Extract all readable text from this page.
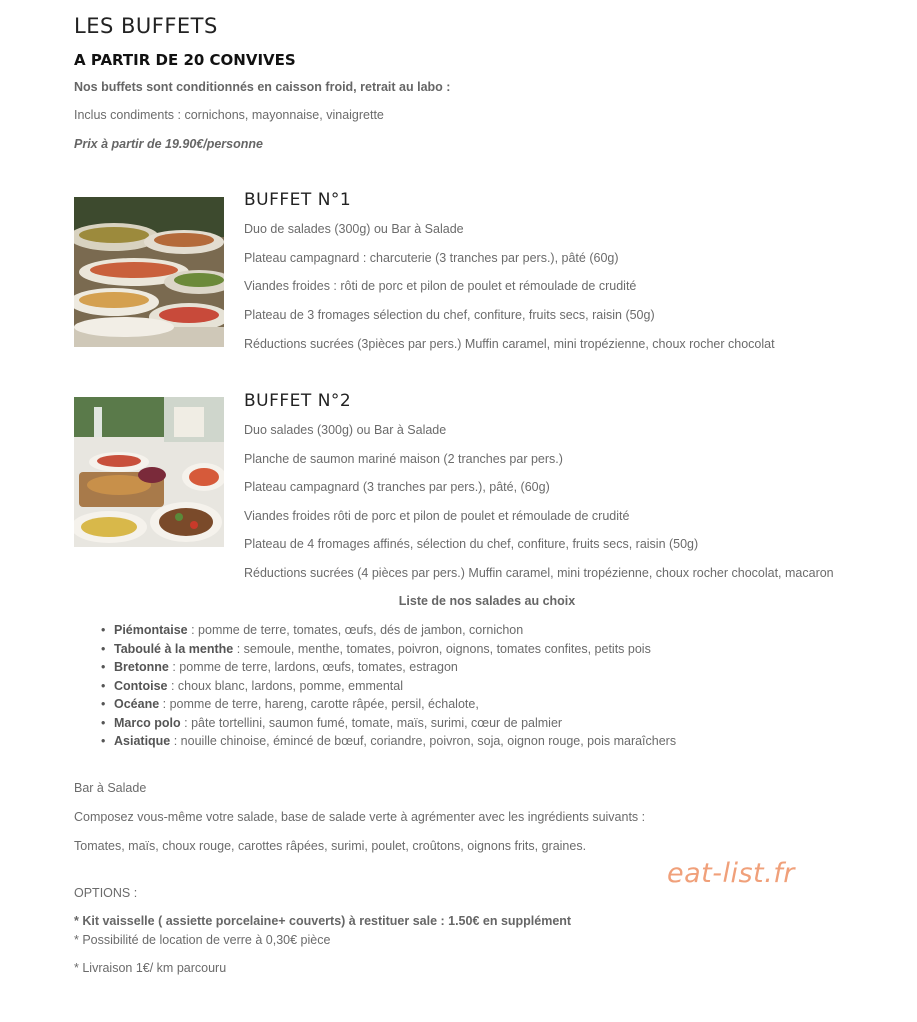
LES BUFFETS
A PARTIR DE 20 CONVIVES

Nos buffets sont conditionnés en caisson froid, retrait au labo :

Inclus condiments : cornichons, mayonnaise, vinaigrette

Prix à partir de 19.90€/personne

BUFFET N°1

Duo de salades (300g) ou Bar à Salade

Plateau campagnard : charcuterie (3 tranches par pers.), pâté (60g)

Viandes froides : rôti de porc et pilon de poulet et rémoulade de crudité

Plateau de 3 fromages sélection du chef, confiture, fruits secs, raisin (50g)

Réductions sucrées (3pièces par pers.) Muffin caramel, mini tropézienne, choux rocher chocolat

BUFFET N°2

Duo salades (300g) ou Bar à Salade

Planche de saumon mariné maison (2 tranches par pers.)

Plateau campagnard (3 tranches par pers.), pâté, (60g)

Viandes froides rôti de porc et pilon de poulet et rémoulade de crudité

Plateau de 4 fromages affinés, sélection du chef, confiture, fruits secs, raisin (50g)

Réductions sucrées (4 pièces par pers.) Muffin caramel, mini tropézienne, choux rocher chocolat, macaron

Liste de nos salades au choix

• Piémontaise : pomme de terre, tomates, œufs, dés de jambon, cornichon
• Taboulé à la menthe : semoule, menthe, tomates, poivron, oignons, tomates confites, petits pois
• Bretonne : pomme de terre, lardons, œufs, tomates, estragon
• Contoise : choux blanc, lardons, pomme, emmental
• Océane : pomme de terre, hareng, carotte râpée, persil, échalote,
• Marco polo : pâte tortellini, saumon fumé, tomate, maïs, surimi, cœur de palmier
• Asiatique : nouille chinoise, émincé de bœuf, coriandre, poivron, soja, oignon rouge, pois maraîchers

Bar à Salade

Composez vous-même votre salade, base de salade verte à agrémenter avec les ingrédients suivants :

Tomates, maïs, choux rouge, carottes râpées, surimi, poulet, croûtons, oignons frits, graines.

eat-list.fr

OPTIONS :

* Kit vaisselle ( assiette porcelaine+ couverts) à restituer sale : 1.50€ en supplément

* Possibilité de location de verre à 0,30€ pièce

* Livraison 1€/ km parcouru
